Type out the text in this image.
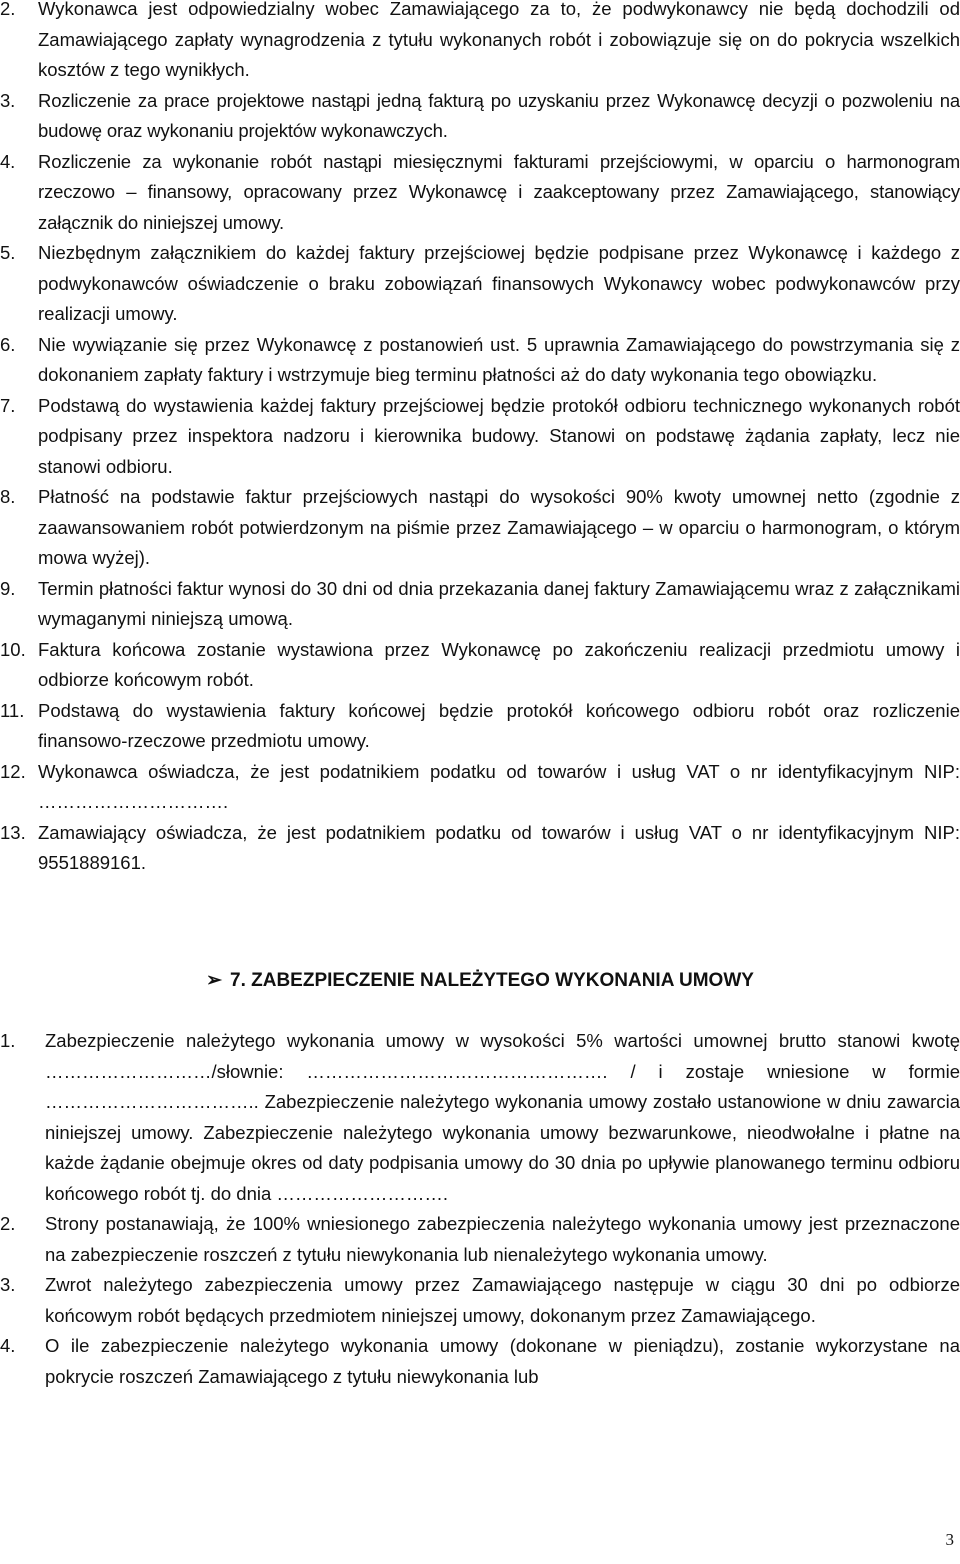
2. Wykonawca jest odpowiedzialny wobec Zamawiającego za to, że podwykonawcy nie będą dochodzili od Zamawiającego zapłaty wynagrodzenia z tytułu wykonanych robót i zobowiązuje się on do pokrycia wszelkich kosztów z tego wynikłych.
3. Rozliczenie za prace projektowe nastąpi jedną fakturą po uzyskaniu przez Wykonawcę decyzji o pozwoleniu na budowę oraz wykonaniu projektów wykonawczych.
4. Rozliczenie za wykonanie robót nastąpi miesięcznymi fakturami przejściowymi, w oparciu o harmonogram rzeczowo – finansowy, opracowany przez Wykonawcę i zaakceptowany przez Zamawiającego, stanowiący załącznik do niniejszej umowy.
5. Niezbędnym załącznikiem do każdej faktury przejściowej będzie podpisane przez Wykonawcę i każdego z podwykonawców oświadczenie o braku zobowiązań finansowych Wykonawcy wobec podwykonawców przy realizacji umowy.
6. Nie wywiązanie się przez Wykonawcę z postanowień ust. 5 uprawnia Zamawiającego do powstrzymania się z dokonaniem zapłaty faktury i wstrzymuje bieg terminu płatności aż do daty wykonania tego obowiązku.
7. Podstawą do wystawienia każdej faktury przejściowej będzie protokół odbioru technicznego wykonanych robót podpisany przez inspektora nadzoru i kierownika budowy. Stanowi on podstawę żądania zapłaty, lecz nie stanowi odbioru.
8. Płatność na podstawie faktur przejściowych nastąpi do wysokości 90% kwoty umownej netto (zgodnie z zaawansowaniem robót potwierdzonym na piśmie przez Zamawiającego – w oparciu o harmonogram, o którym mowa wyżej).
9. Termin płatności faktur wynosi do 30 dni od dnia przekazania danej faktury Zamawiającemu wraz z załącznikami wymaganymi niniejszą umową.
10. Faktura końcowa zostanie wystawiona przez Wykonawcę po zakończeniu realizacji przedmiotu umowy i odbiorze końcowym robót.
11. Podstawą do wystawienia faktury końcowej będzie protokół końcowego odbioru robót oraz rozliczenie finansowo-rzeczowe przedmiotu umowy.
12. Wykonawca oświadcza, że jest podatnikiem podatku od towarów i usług VAT o nr identyfikacyjnym NIP: ………………………….
13. Zamawiający oświadcza, że jest podatnikiem podatku od towarów i usług VAT o nr identyfikacyjnym NIP: 9551889161.
➢ 7. ZABEZPIECZENIE NALEŻYTEGO WYKONANIA UMOWY
1. Zabezpieczenie należytego wykonania umowy w wysokości 5% wartości umownej brutto stanowi kwotę ………………………/słownie: …………………………………………. / i zostaje wniesione w formie …………………………….. Zabezpieczenie należytego wykonania umowy zostało ustanowione w dniu zawarcia niniejszej umowy. Zabezpieczenie należytego wykonania umowy bezwarunkowe, nieodwołalne i płatne na każde żądanie obejmuje okres od daty podpisania umowy do 30 dnia po upływie planowanego terminu odbioru końcowego robót tj. do dnia ……………………….
2. Strony postanawiają, że 100% wniesionego zabezpieczenia należytego wykonania umowy jest przeznaczone na zabezpieczenie roszczeń z tytułu niewykonania lub nienależytego wykonania umowy.
3. Zwrot należytego zabezpieczenia umowy przez Zamawiającego następuje w ciągu 30 dni po odbiorze końcowym robót będących przedmiotem niniejszej umowy, dokonanym przez Zamawiającego.
4. O ile zabezpieczenie należytego wykonania umowy (dokonane w pieniądzu), zostanie wykorzystane na pokrycie roszczeń Zamawiającego z tytułu niewykonania lub
3
